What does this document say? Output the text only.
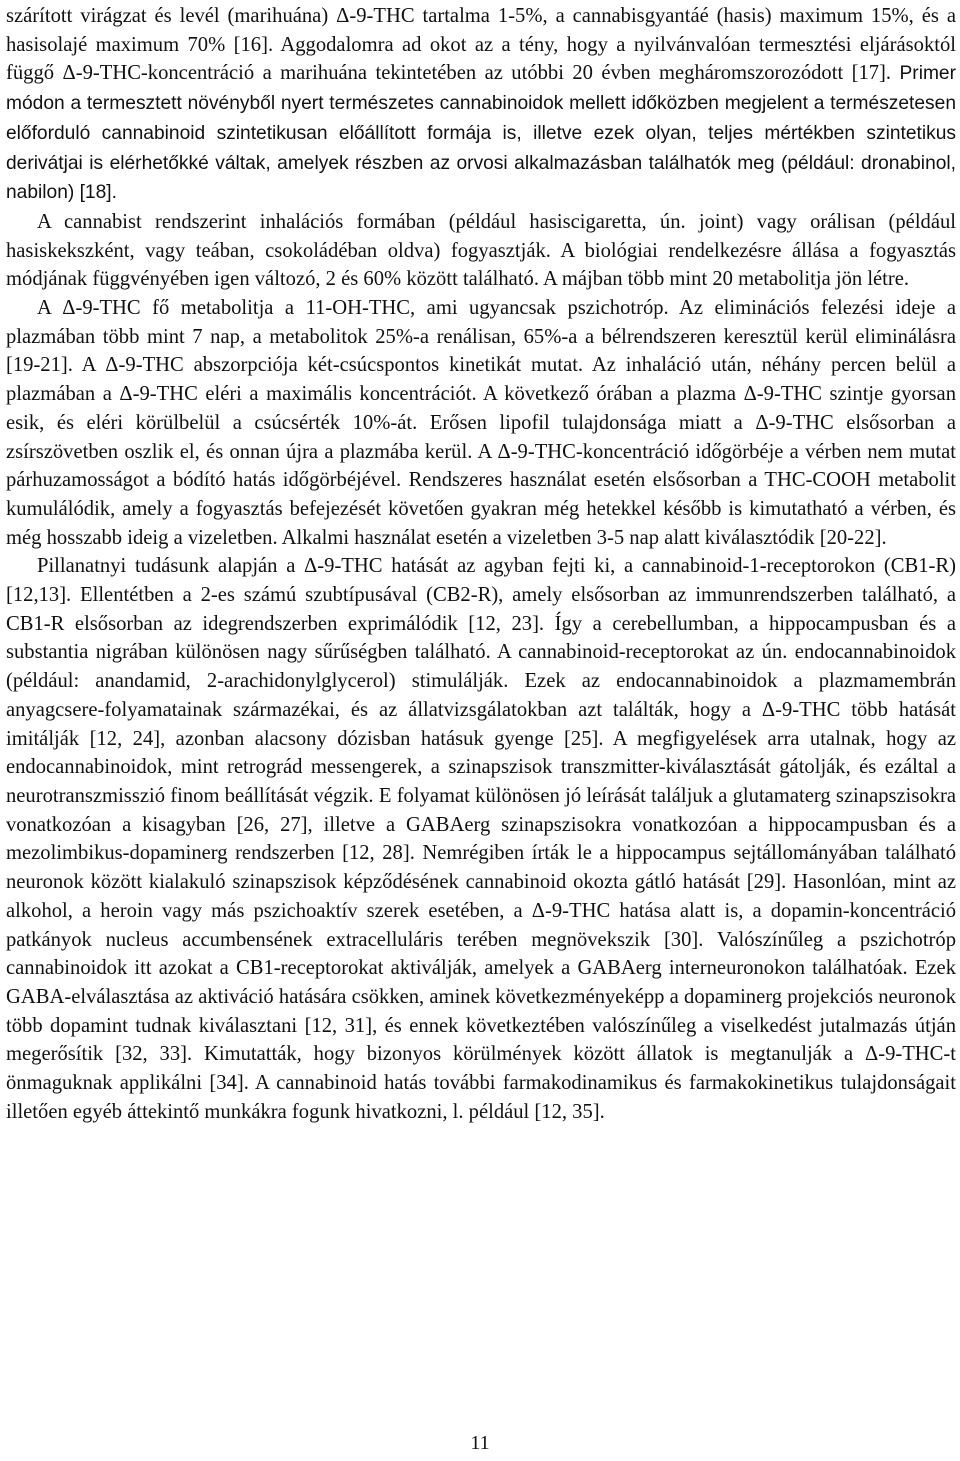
szárított virágzat és levél (marihuána) Δ-9-THC tartalma 1-5%, a cannabisgyantáé (hasis) maximum 15%, és a hasisolajé maximum 70% [16]. Aggodalomra ad okot az a tény, hogy a nyilvánvalóan termesztési eljárásoktól függő Δ-9-THC-koncentráció a marihuána tekintetében az utóbbi 20 évben megháromszorozódott [17]. Primer módon a termesztett növényből nyert természetes cannabinoidok mellett időközben megjelent a természetesen előforduló cannabinoid szintetikusan előállított formája is, illetve ezek olyan, teljes mértékben szintetikus derivátjai is elérhetőkké váltak, amelyek részben az orvosi alkalmazásban találhatók meg (például: dronabinol, nabilon) [18].

A cannabist rendszerint inhalációs formában (például hasiscigaretta, ún. joint) vagy orálisan (például hasiskekszként, vagy teában, csokoládéban oldva) fogyasztják. A biológiai rendelkezésre állása a fogyasztás módjának függvényében igen változó, 2 és 60% között található. A májban több mint 20 metabolitja jön létre.

A Δ-9-THC fő metabolitja a 11-OH-THC, ami ugyancsak pszichotróp. Az eliminációs felezési ideje a plazmában több mint 7 nap, a metabolitok 25%-a renálisan, 65%-a a bélrendszeren keresztül kerül eliminálásra [19-21]. A Δ-9-THC abszorpciója két-csúcspontos kinetikát mutat. Az inhaláció után, néhány percen belül a plazmában a Δ-9-THC eléri a maximális koncentrációt. A következő órában a plazma Δ-9-THC szintje gyorsan esik, és eléri körülbelül a csúcsérték 10%-át. Erősen lipofil tulajdonsága miatt a Δ-9-THC elsősorban a zsírszövetben oszlik el, és onnan újra a plazmába kerül. A Δ-9-THC-koncentráció időgörbéje a vérben nem mutat párhuzamosságot a bódító hatás időgörbéjével. Rendszeres használat esetén elsősorban a THC-COOH metabolit kumulálódik, amely a fogyasztás befejezését követően gyakran még hetekkel később is kimutatható a vérben, és még hosszabb ideig a vizeletben. Alkalmi használat esetén a vizeletben 3-5 nap alatt kiválasztódik [20-22].

Pillanatnyi tudásunk alapján a Δ-9-THC hatását az agyban fejti ki, a cannabinoid-1-receptorokon (CB1-R) [12,13]. Ellentétben a 2-es számú szubtípusával (CB2-R), amely elsősorban az immunrendszerben található, a CB1-R elsősorban az idegrendszerben exprimálódik [12, 23]. Így a cerebellumban, a hippocampusban és a substantia nigrában különösen nagy sűrűségben található. A cannabinoid-receptorokat az ún. endocannabinoidok (például: anandamid, 2-arachidonylglycerol) stimulálják. Ezek az endocannabinoidok a plazmamembrán anyagcsere-folyamatainak származékai, és az állatvizsgálatokban azt találták, hogy a Δ-9-THC több hatását imitálják [12, 24], azonban alacsony dózisban hatásuk gyenge [25]. A megfigyelések arra utalnak, hogy az endocannabinoidok, mint retrográd messengerek, a szinapszisok transzmitter-kiválasztását gátolják, és ezáltal a neurotranszmisszió finom beállítását végzik. E folyamat különösen jó leírását találjuk a glutamaterg szinapszisokra vonatkozóan a kisagyban [26, 27], illetve a GABAerg szinapszisokra vonatkozóan a hippocampusban és a mezolimbikus-dopaminerg rendszerben [12, 28]. Nemrégiben írták le a hippocampus sejtállományában található neuronok között kialakuló szinapszisok képződésének cannabinoid okozta gátló hatását [29]. Hasonlóan, mint az alkohol, a heroin vagy más pszichoaktív szerek esetében, a Δ-9-THC hatása alatt is, a dopamin-koncentráció patkányok nucleus accumbensének extracelluláris terében megnövekszik [30]. Valószínűleg a pszichotróp cannabinoidok itt azokat a CB1-receptorokat aktiválják, amelyek a GABAerg interneuronokon találhatóak. Ezek GABA-elválasztása az aktiváció hatására csökken, aminek következményeképp a dopaminerg projekciós neuronok több dopamint tudnak kiválasztani [12, 31], és ennek következtében valószínűleg a viselkedést jutalmazás útján megerősítik [32, 33]. Kimutatták, hogy bizonyos körülmények között állatok is megtanulják a Δ-9-THC-t önmaguknak applikálni [34]. A cannabinoid hatás további farmakodinamikus és farmakokinetikus tulajdonságait illetően egyéb áttekintő munkákra fogunk hivatkozni, l. például [12, 35].

11
